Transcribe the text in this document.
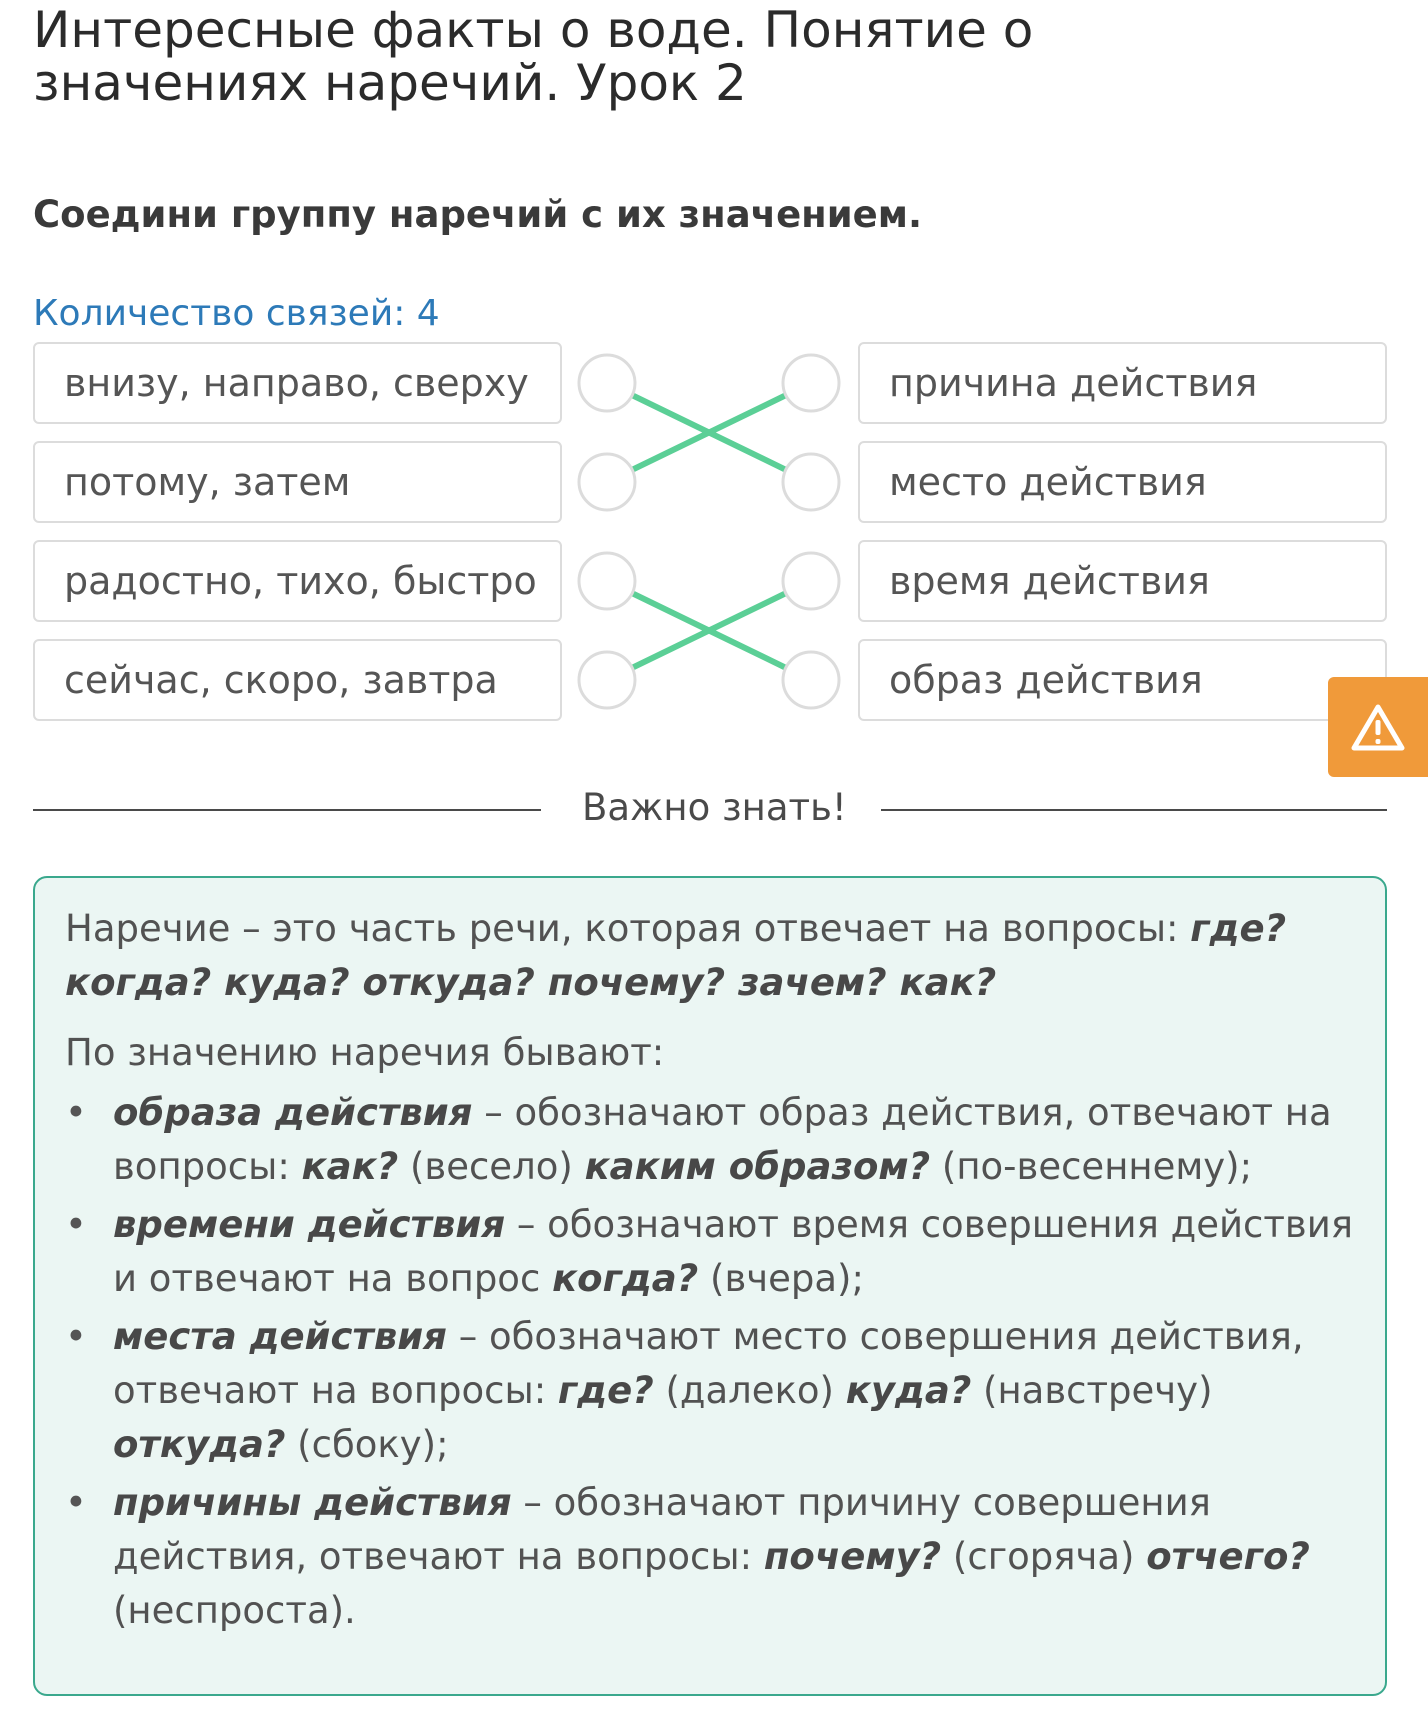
Интересные факты о воде. Понятие о значениях наречий. Урок 2
Соедини группу наречий с их значением.
Количество связей: 4
внизу, направо, сверху
потому, затем
радостно, тихо, быстро
сейчас, скоро, завтра
причина действия
место действия
время действия
образ действия
Важно знать!

Наречие – это часть речи, которая отвечает на вопросы: где? когда? куда? откуда? почему? зачем? как?

По значению наречия бывают:

• образа действия – обозначают образ действия, отвечают на вопросы: как? (весело) каким образом? (по-весеннему);
• времени действия – обозначают время совершения действия и отвечают на вопрос когда? (вчера);
• места действия – обозначают место совершения действия, отвечают на вопросы: где? (далеко) куда? (навстречу) откуда? (сбоку);
• причины действия – обозначают причину совершения действия, отвечают на вопросы: почему? (сгоряча) отчего? (неспроста).
